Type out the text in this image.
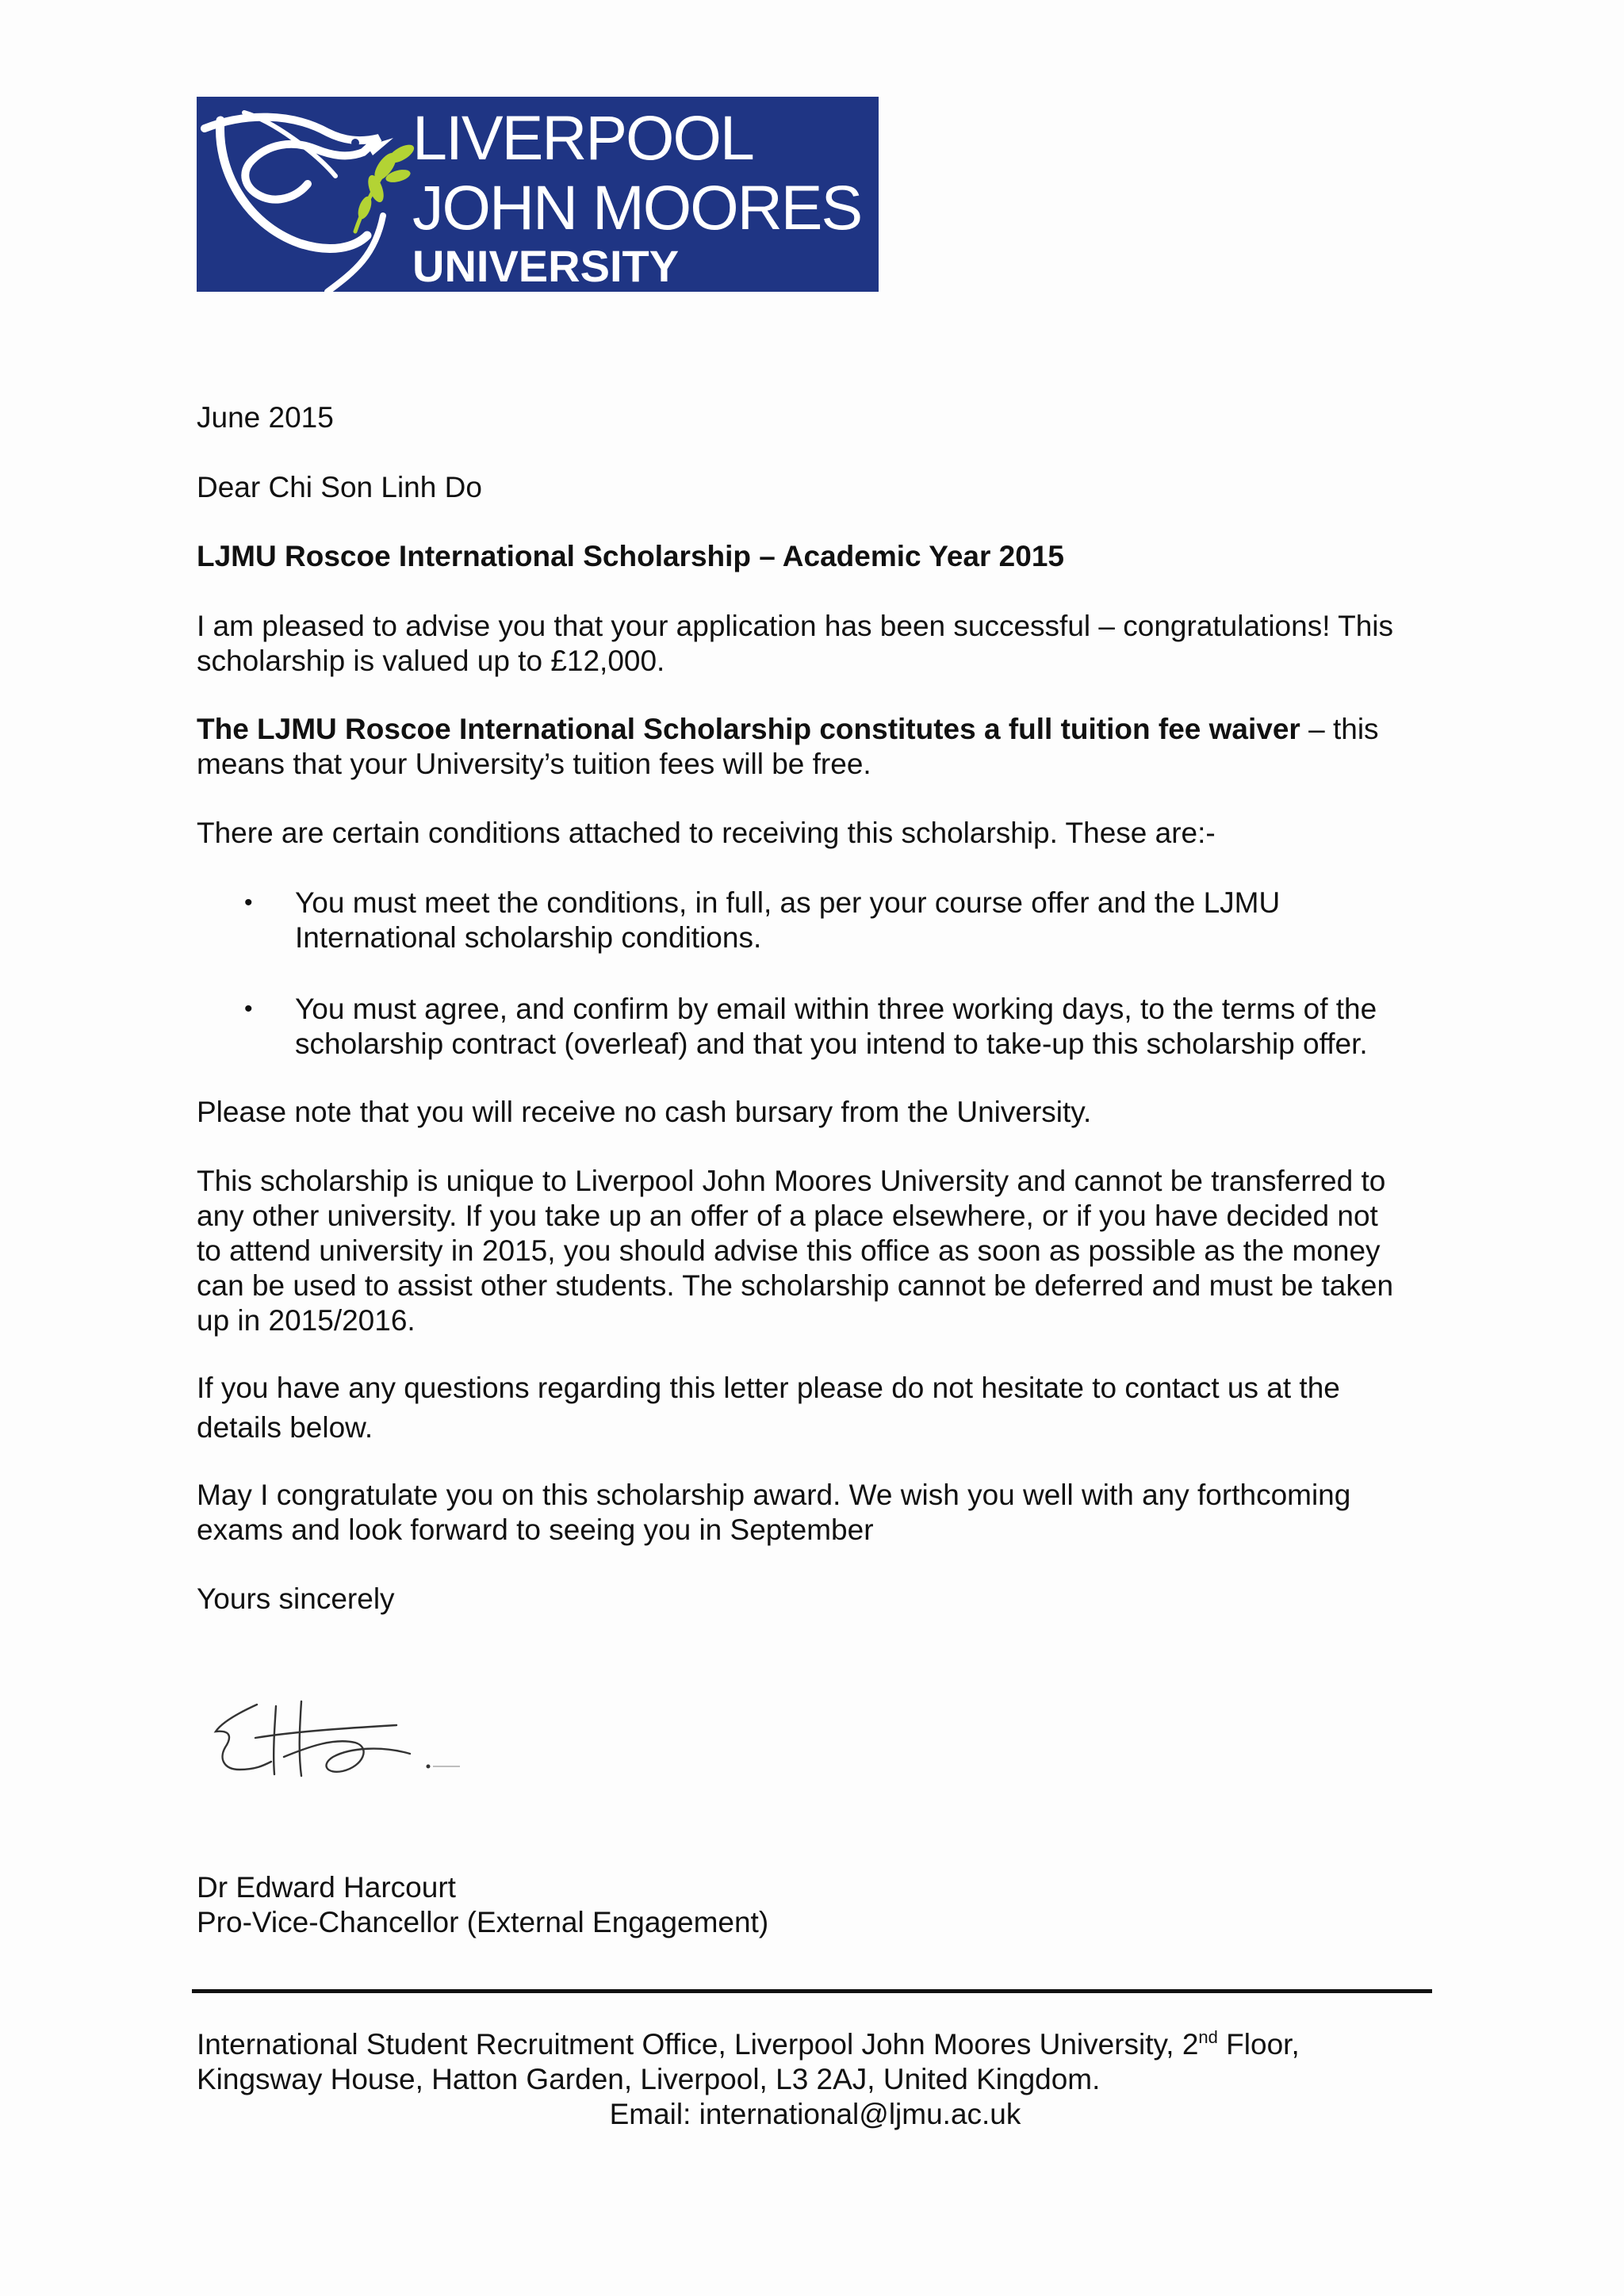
LIVERPOOL
JOHN MOORES
UNIVERSITY
June 2015
Dear Chi Son Linh Do
LJMU Roscoe International Scholarship – Academic Year 2015
I am pleased to advise you that your application has been successful – congratulations! This
scholarship is valued up to £12,000.
The LJMU Roscoe International Scholarship constitutes a full tuition fee waiver – this
means that your University’s tuition fees will be free.
There are certain conditions attached to receiving this scholarship. These are:-
• You must meet the conditions, in full, as per your course offer and the LJMU
International scholarship conditions.
• You must agree, and confirm by email within three working days, to the terms of the
scholarship contract (overleaf) and that you intend to take-up this scholarship offer.
Please note that you will receive no cash bursary from the University.
This scholarship is unique to Liverpool John Moores University and cannot be transferred to
any other university. If you take up an offer of a place elsewhere, or if you have decided not
to attend university in 2015, you should advise this office as soon as possible as the money
can be used to assist other students. The scholarship cannot be deferred and must be taken
up in 2015/2016.
If you have any questions regarding this letter please do not hesitate to contact us at the
details below.
May I congratulate you on this scholarship award. We wish you well with any forthcoming
exams and look forward to seeing you in September
Yours sincerely
Dr Edward Harcourt
Pro-Vice-Chancellor (External Engagement)
International Student Recruitment Office, Liverpool John Moores University, 2nd Floor,
Kingsway House, Hatton Garden, Liverpool, L3 2AJ, United Kingdom.
Email: international@ljmu.ac.uk
